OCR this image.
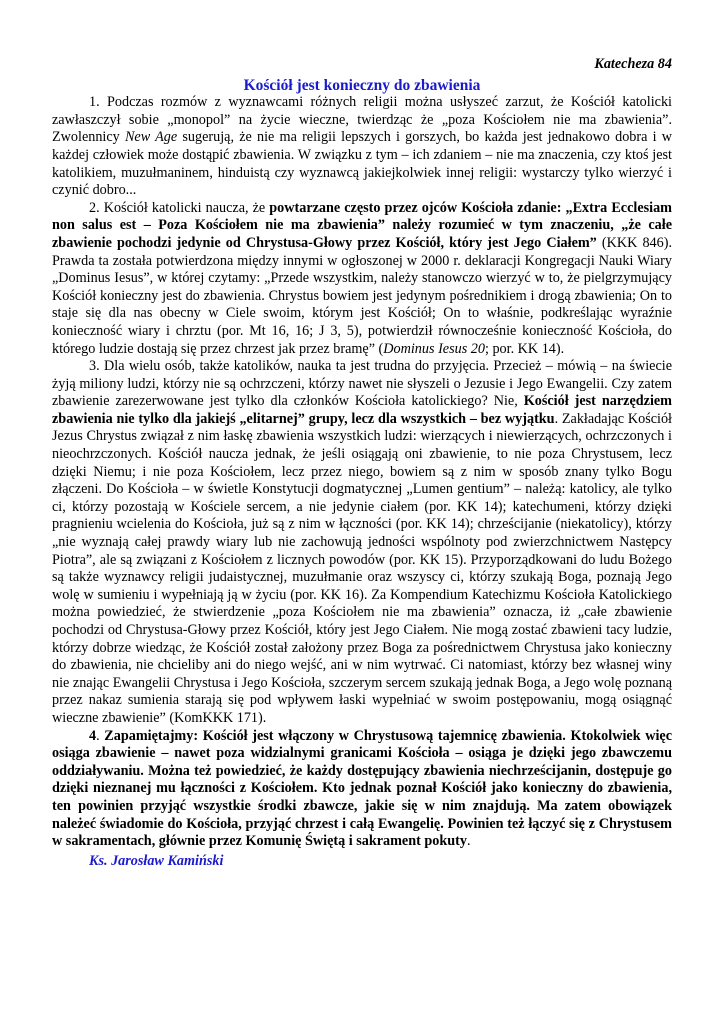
Katecheza 84

Kościół jest konieczny do zbawienia

1. Podczas rozmów z wyznawcami różnych religii można usłyszeć zarzut, że Kościół katolicki zawłaszczył sobie „monopol” na życie wieczne, twierdząc że „poza Kościołem nie ma zbawienia”. Zwolennicy New Age sugerują, że nie ma religii lepszych i gorszych, bo każda jest jednakowo dobra i w każdej człowiek może dostąpić zbawienia. W związku z tym – ich zdaniem – nie ma znaczenia, czy ktoś jest katolikiem, muzułmaninem, hinduistą czy wyznawcą jakiejkolwiek innej religii: wystarczy tylko wierzyć i czynić dobro...

2. Kościół katolicki naucza, że powtarzane często przez ojców Kościoła zdanie: „Extra Ecclesiam non salus est – Poza Kościołem nie ma zbawienia” należy rozumieć w tym znaczeniu, „że całe zbawienie pochodzi jedynie od Chrystusa-Głowy przez Kościół, który jest Jego Ciałem” (KKK 846). Prawda ta została potwierdzona między innymi w ogłoszonej w 2000 r. deklaracji Kongregacji Nauki Wiary „Dominus Iesus”, w której czytamy: „Przede wszystkim, należy stanowczo wierzyć w to, że pielgrzymujący Kościół konieczny jest do zbawienia. Chrystus bowiem jest jedynym pośrednikiem i drogą zbawienia; On to staje się dla nas obecny w Ciele swoim, którym jest Kościół; On to właśnie, podkreślając wyraźnie konieczność wiary i chrztu (por. Mt 16, 16; J 3, 5), potwierdził równocześnie konieczność Kościoła, do którego ludzie dostają się przez chrzest jak przez bramę” (Dominus Iesus 20; por. KK 14).

3. Dla wielu osób, także katolików, nauka ta jest trudna do przyjęcia. Przecież – mówią – na świecie żyją miliony ludzi, którzy nie są ochrzczeni, którzy nawet nie słyszeli o Jezusie i Jego Ewangelii. Czy zatem zbawienie zarezerwowane jest tylko dla członków Kościoła katolickiego? Nie, Kościół jest narzędziem zbawienia nie tylko dla jakiejś „elitarnej” grupy, lecz dla wszystkich – bez wyjątku. Zakładając Kościół Jezus Chrystus związał z nim łaskę zbawienia wszystkich ludzi: wierzących i niewierzących, ochrzczonych i nieochrzczonych. Kościół naucza jednak, że jeśli osiągają oni zbawienie, to nie poza Chrystusem, lecz dzięki Niemu; i nie poza Kościołem, lecz przez niego, bowiem są z nim w sposób znany tylko Bogu złączeni. Do Kościoła – w świetle Konstytucji dogmatycznej „Lumen gentium” – należą: katolicy, ale tylko ci, którzy pozostają w Kościele sercem, a nie jedynie ciałem (por. KK 14); katechumeni, którzy dzięki pragnieniu wcielenia do Kościoła, już są z nim w łączności (por. KK 14); chrześcijanie (niekatolicy), którzy „nie wyznają całej prawdy wiary lub nie zachowują jedności wspólnoty pod zwierzchnictwem Następcy Piotra”, ale są związani z Kościołem z licznych powodów (por. KK 15). Przyporządkowani do ludu Bożego są także wyznawcy religii judaistycznej, muzułmanie oraz wszyscy ci, którzy szukają Boga, poznają Jego wolę w sumieniu i wypełniają ją w życiu (por. KK 16). Za Kompendium Katechizmu Kościoła Katolickiego można powiedzieć, że stwierdzenie „poza Kościołem nie ma zbawienia” oznacza, iż „całe zbawienie pochodzi od Chrystusa-Głowy przez Kościół, który jest Jego Ciałem. Nie mogą zostać zbawieni tacy ludzie, którzy dobrze wiedząc, że Kościół został założony przez Boga za pośrednictwem Chrystusa jako konieczny do zbawienia, nie chcieliby ani do niego wejść, ani w nim wytrwać. Ci natomiast, którzy bez własnej winy nie znając Ewangelii Chrystusa i Jego Kościoła, szczerym sercem szukają jednak Boga, a Jego wolę poznaną przez nakaz sumienia starają się pod wpływem łaski wypełniać w swoim postępowaniu, mogą osiągnąć wieczne zbawienie” (KomKKK 171).

4. Zapamiętajmy: Kościół jest włączony w Chrystusową tajemnicę zbawienia. Ktokolwiek więc osiąga zbawienie – nawet poza widzialnymi granicami Kościoła – osiąga je dzięki jego zbawczemu oddziaływaniu. Można też powiedzieć, że każdy dostępujący zbawienia niechrześcijanin, dostępuje go dzięki nieznanej mu łączności z Kościołem. Kto jednak poznał Kościół jako konieczny do zbawienia, ten powinien przyjąć wszystkie środki zbawcze, jakie się w nim znajdują. Ma zatem obowiązek należeć świadomie do Kościoła, przyjąć chrzest i całą Ewangelię. Powinien też łączyć się z Chrystusem w sakramentach, głównie przez Komunię Świętą i sakrament pokuty.

Ks. Jarosław Kamiński
